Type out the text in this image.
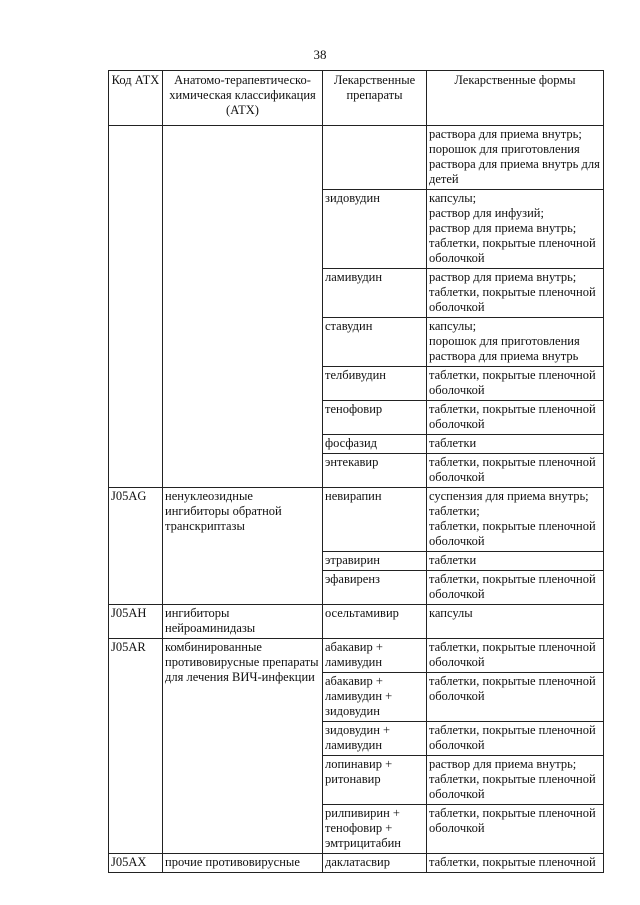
38
Код АТХ	Анатомо-терапевтическо-химическая классификация (АТХ)	Лекарственные препараты	Лекарственные формы
			раствора для приема внутрь;
порошок для приготовления раствора для приема внутрь для детей
		зидовудин	капсулы;
раствор для инфузий;
раствор для приема внутрь;
таблетки, покрытые пленочной оболочкой
		ламивудин	раствор для приема внутрь;
таблетки, покрытые пленочной оболочкой
		ставудин	капсулы;
порошок для приготовления раствора для приема внутрь
		телбивудин	таблетки, покрытые пленочной оболочкой
		тенофовир	таблетки, покрытые пленочной оболочкой
		фосфазид	таблетки
		энтекавир	таблетки, покрытые пленочной оболочкой
J05AG	ненуклеозидные ингибиторы обратной транскриптазы	невирапин	суспензия для приема внутрь;
таблетки;
таблетки, покрытые пленочной оболочкой
		этравирин	таблетки
		эфавиренз	таблетки, покрытые пленочной оболочкой
J05AH	ингибиторы нейроаминидазы	осельтамивир	капсулы
J05AR	комбинированные противовирусные препараты для лечения ВИЧ-инфекции	абакавир +
ламивудин	таблетки, покрытые пленочной оболочкой
		абакавир +
ламивудин +
зидовудин	таблетки, покрытые пленочной оболочкой
		зидовудин +
ламивудин	таблетки, покрытые пленочной оболочкой
		лопинавир +
ритонавир	раствор для приема внутрь;
таблетки, покрытые пленочной оболочкой
		рилпивирин +
тенофовир +
эмтрицитабин	таблетки, покрытые пленочной оболочкой
J05AX	прочие противовирусные	даклатасвир	таблетки, покрытые пленочной
